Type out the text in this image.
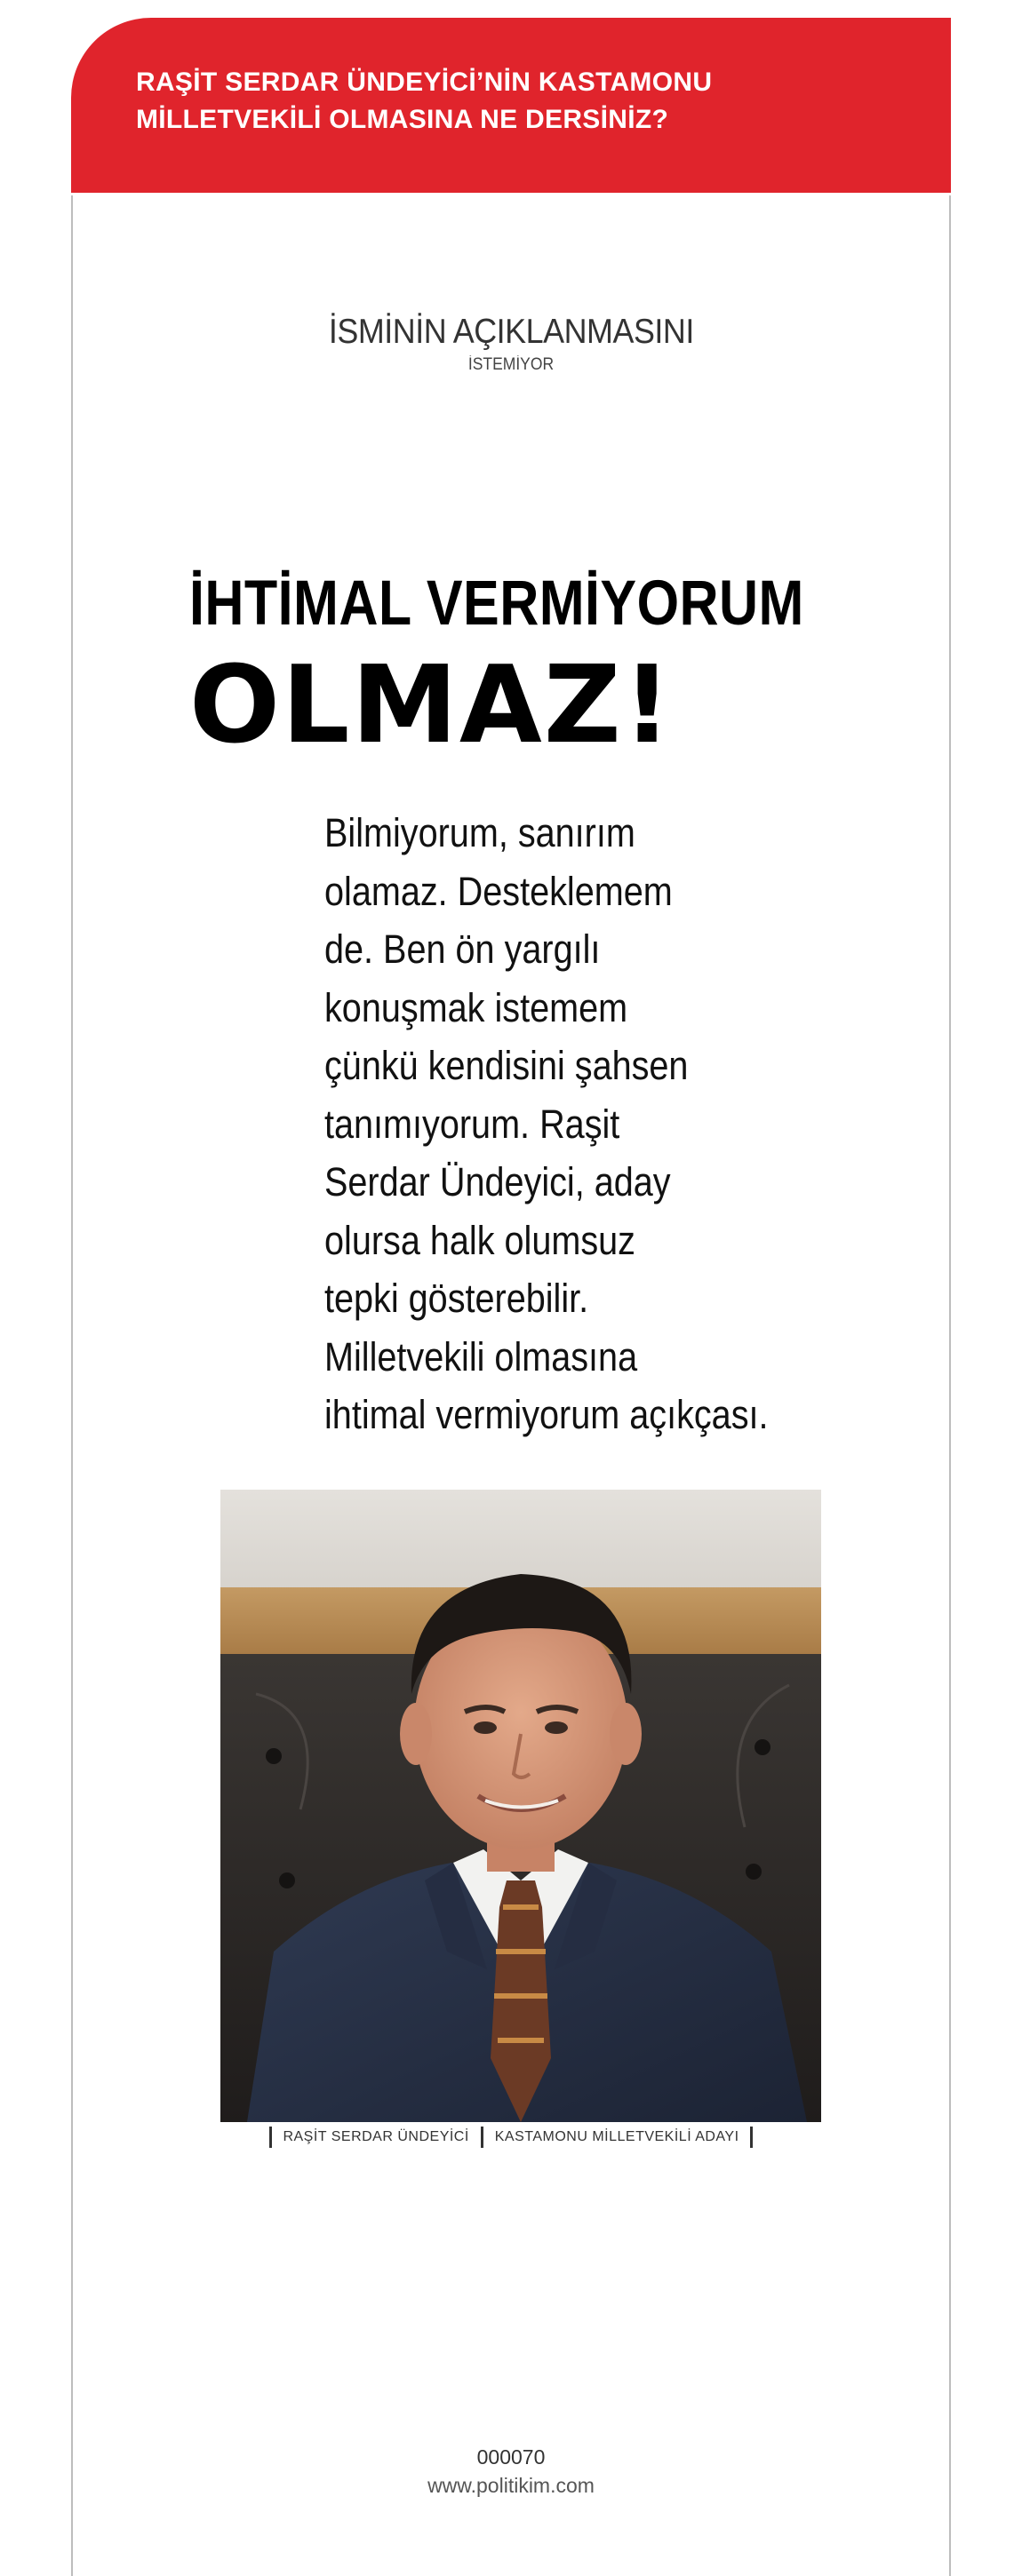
RAŞİT SERDAR ÜNDEYİCİ’NİN KASTAMONU
MİLLETVEKİLİ OLMASINA NE DERSİNİZ?
İSMİNİN AÇIKLANMASINI
İSTEMİYOR
İHTİMAL VERMİYORUM
OLMAZ!

Bilmiyorum, sanırım
olamaz. Desteklemem
de. Ben ön yargılı
konuşmak istemem
çünkü kendisini şahsen
tanımıyorum. Raşit
Serdar Ündeyici, aday
olursa halk olumsuz
tepki gösterebilir.
Milletvekili olmasına
ihtimal vermiyorum açıkçası.

RAŞİT SERDAR ÜNDEYİCİ KASTAMONU MİLLETVEKİLİ ADAYI
000070
www.politikim.com
